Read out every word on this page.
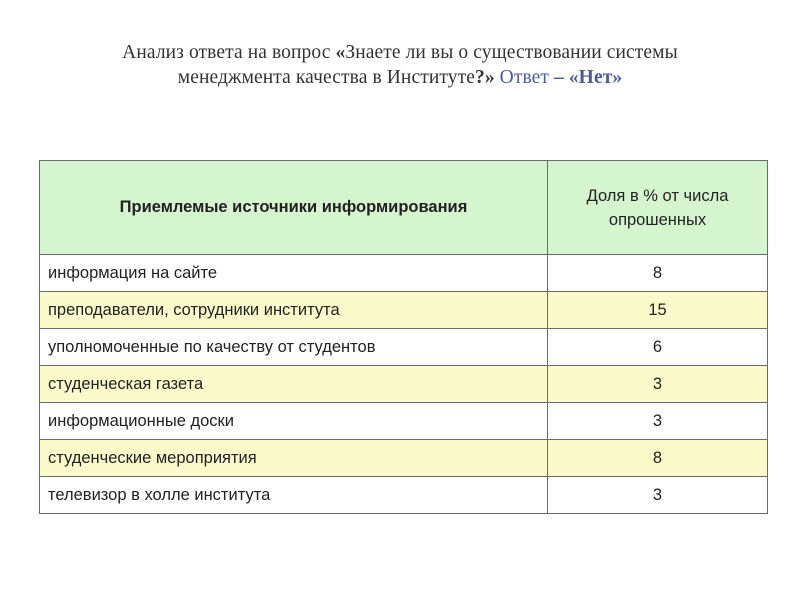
Анализ ответа на вопрос «Знаете ли вы о существовании системы
менеджмента качества в Институте?» Ответ – «Нет»
Приемлемые источники информирования	Доля в % от числа опрошенных
информация на сайте	8
преподаватели, сотрудники института	15
уполномоченные по качеству от студентов	6
студенческая газета	3
информационные доски	3
студенческие мероприятия	8
телевизор в холле института	3
